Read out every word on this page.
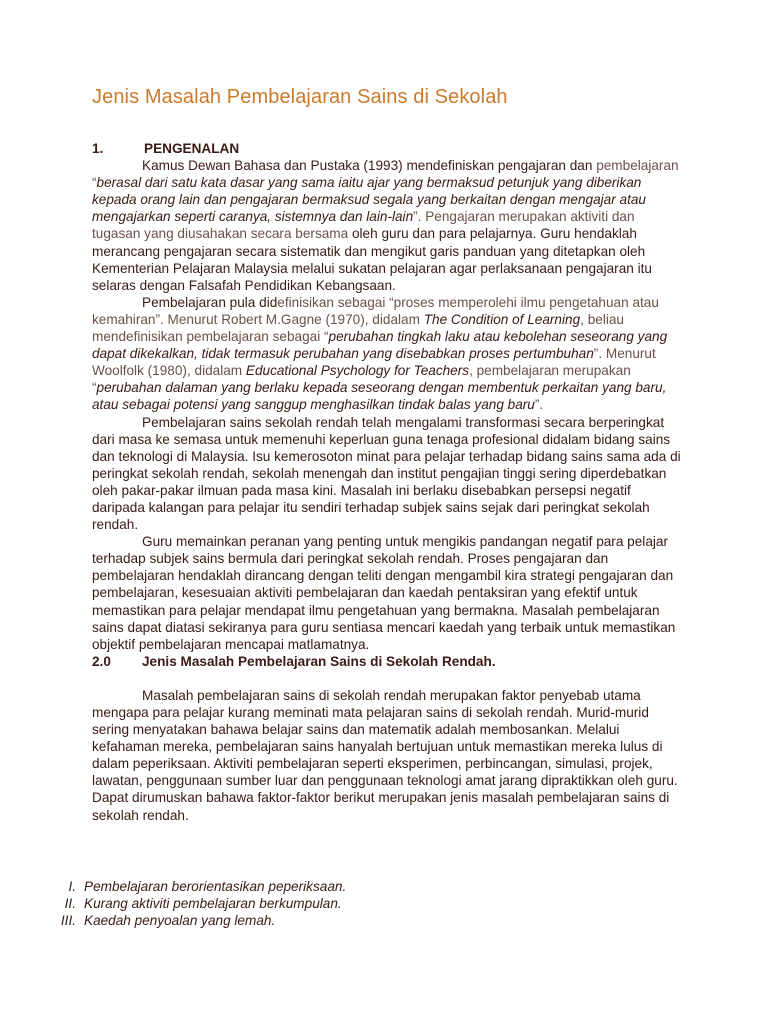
Jenis Masalah Pembelajaran Sains di Sekolah

1.	PENGENALAN

Kamus Dewan Bahasa dan Pustaka (1993) mendefiniskan pengajaran dan pembelajaran “berasal dari satu kata dasar yang sama iaitu ajar yang bermaksud petunjuk yang diberikan kepada orang lain dan pengajaran bermaksud segala yang berkaitan dengan mengajar atau mengajarkan seperti caranya, sistemnya dan lain-lain”. Pengajaran merupakan aktiviti dan tugasan yang diusahakan secara bersama oleh guru dan para pelajarnya. Guru hendaklah merancang pengajaran secara sistematik dan mengikut garis panduan yang ditetapkan oleh Kementerian Pelajaran Malaysia melalui sukatan pelajaran agar perlaksanaan pengajaran itu selaras dengan Falsafah Pendidikan Kebangsaan.

Pembelajaran pula didefinisikan sebagai “proses memperolehi ilmu pengetahuan atau kemahiran”. Menurut Robert M.Gagne (1970), didalam The Condition of Learning, beliau mendefinisikan pembelajaran sebagai “perubahan tingkah laku atau kebolehan seseorang yang dapat dikekalkan, tidak termasuk perubahan yang disebabkan proses pertumbuhan”. Menurut Woolfolk (1980), didalam Educational Psychology for Teachers, pembelajaran merupakan “perubahan dalaman yang berlaku kepada seseorang dengan membentuk perkaitan yang baru, atau sebagai potensi yang sanggup menghasilkan tindak balas yang baru”.

Pembelajaran sains sekolah rendah telah mengalami transformasi secara berperingkat dari masa ke semasa untuk memenuhi keperluan guna tenaga profesional didalam bidang sains dan teknologi di Malaysia. Isu kemerosoton minat para pelajar terhadap bidang sains sama ada di peringkat sekolah rendah, sekolah menengah dan institut pengajian tinggi sering diperdebatkan oleh pakar-pakar ilmuan pada masa kini. Masalah ini berlaku disebabkan persepsi negatif daripada kalangan para pelajar itu sendiri terhadap subjek sains sejak dari peringkat sekolah rendah.

Guru memainkan peranan yang penting untuk mengikis pandangan negatif para pelajar terhadap subjek sains bermula dari peringkat sekolah rendah. Proses pengajaran dan pembelajaran hendaklah dirancang dengan teliti dengan mengambil kira strategi pengajaran dan pembelajaran, kesesuaian aktiviti pembelajaran dan kaedah pentaksiran yang efektif untuk memastikan para pelajar mendapat ilmu pengetahuan yang bermakna. Masalah pembelajaran sains dapat diatasi sekiranya para guru sentiasa mencari kaedah yang terbaik untuk memastikan objektif pembelajaran mencapai matlamatnya.

2.0 Jenis Masalah Pembelajaran Sains di Sekolah Rendah.

Masalah pembelajaran sains di sekolah rendah merupakan faktor penyebab utama mengapa para pelajar kurang meminati mata pelajaran sains di sekolah rendah. Murid-murid sering menyatakan bahawa belajar sains dan matematik adalah membosankan. Melalui kefahaman mereka, pembelajaran sains hanyalah bertujuan untuk memastikan mereka lulus di dalam peperiksaan. Aktiviti pembelajaran seperti eksperimen, perbincangan, simulasi, projek, lawatan, penggunaan sumber luar dan penggunaan teknologi amat jarang dipraktikkan oleh guru. Dapat dirumuskan bahawa faktor-faktor berikut merupakan jenis masalah pembelajaran sains di sekolah rendah.

I. Pembelajaran berorientasikan peperiksaan.
II. Kurang aktiviti pembelajaran berkumpulan.
III. Kaedah penyoalan yang lemah.
